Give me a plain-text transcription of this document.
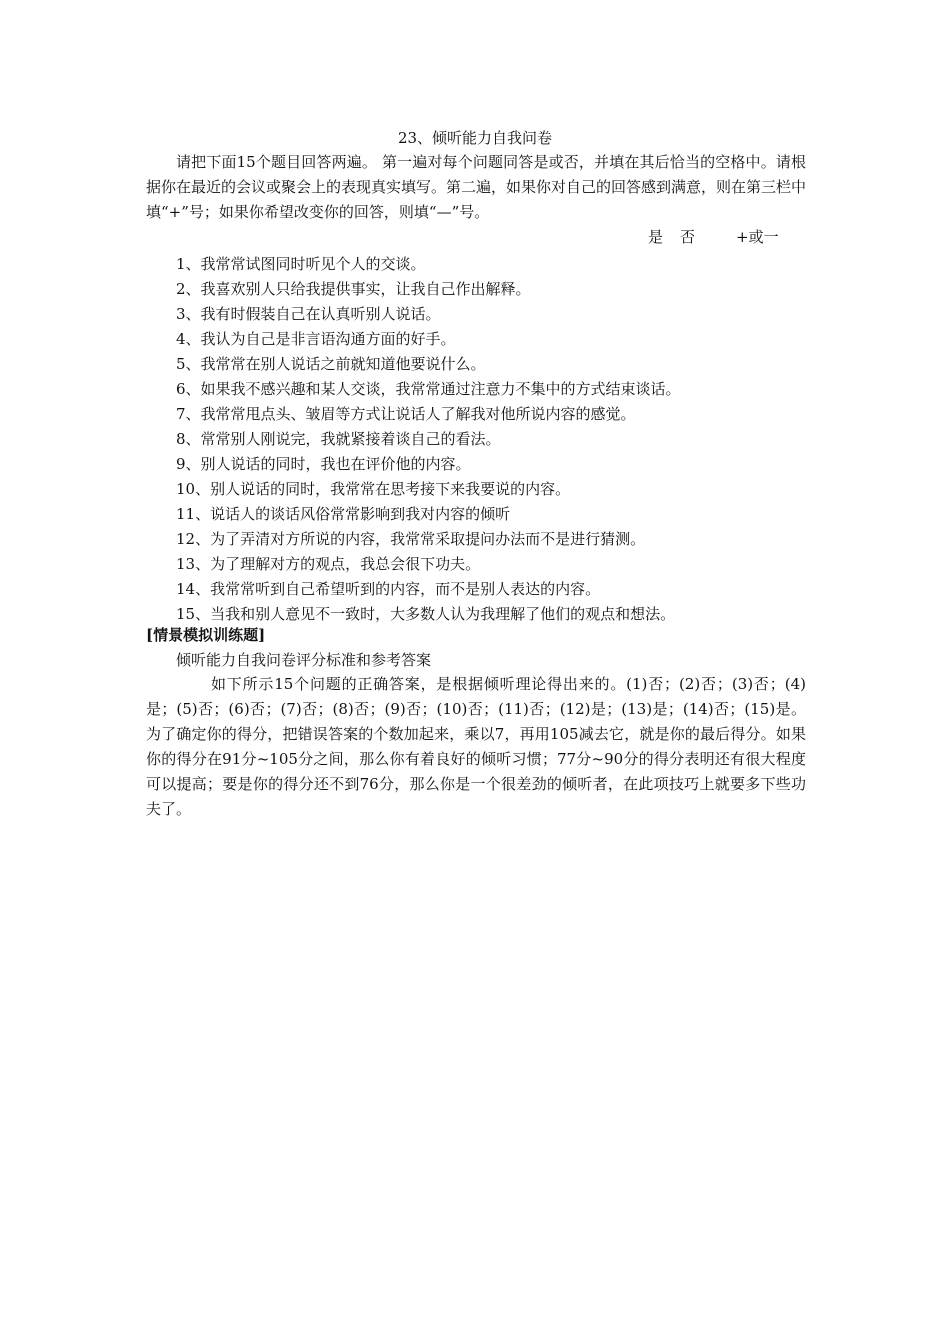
23、倾听能力自我问卷

请把下面15个题目回答两遍。 第一遍对每个问题同答是或否，并填在其后恰当的空格中。请根据你在最近的会议或聚会上的表现真实填写。第二遍，如果你对自己的回答感到满意，则在第三栏中填“+”号；如果你希望改变你的回答，则填“—”号。

是 否	+或一
1、我常常试图同时听见个人的交谈。
2、我喜欢别人只给我提供事实，让我自己作出解释。
3、我有时假装自己在认真听别人说话。
4、我认为自己是非言语沟通方面的好手。
5、我常常在别人说话之前就知道他要说什么。
6、如果我不感兴趣和某人交谈，我常常通过注意力不集中的方式结束谈话。
7、我常常甩点头、皱眉等方式让说话人了解我对他所说内容的感觉。
8、常常别人刚说完，我就紧接着谈自己的看法。
9、别人说话的同时，我也在评价他的内容。
10、别人说话的同时，我常常在思考接下来我要说的内容。
11、说话人的谈话风俗常常影响到我对内容的倾听
12、为了弄清对方所说的内容，我常常采取提问办法而不是进行猜测。
13、为了理解对方的观点，我总会很下功夫。
14、我常常听到自己希望听到的内容，而不是别人表达的内容。
15、当我和别人意见不一致时，大多数人认为我理解了他们的观点和想法。
[情景模拟训练题]
倾听能力自我问卷评分标准和参考答案

如下所示15个问题的正确答案，是根据倾听理论得出来的。(1)否；(2)否；(3)否；(4)是；(5)否；(6)否；(7)否；(8)否；(9)否；(10)否；(11)否；(12)是；(13)是；(14)否；(15)是。为了确定你的得分，把错误答案的个数加起来，乘以7，再用105减去它，就是你的最后得分。如果你的得分在91分~105分之间，那么你有着良好的倾听习惯；77分~90分的得分表明还有很大程度可以提高；要是你的得分还不到76分，那么你是一个很差劲的倾听者，在此项技巧上就要多下些功夫了。
